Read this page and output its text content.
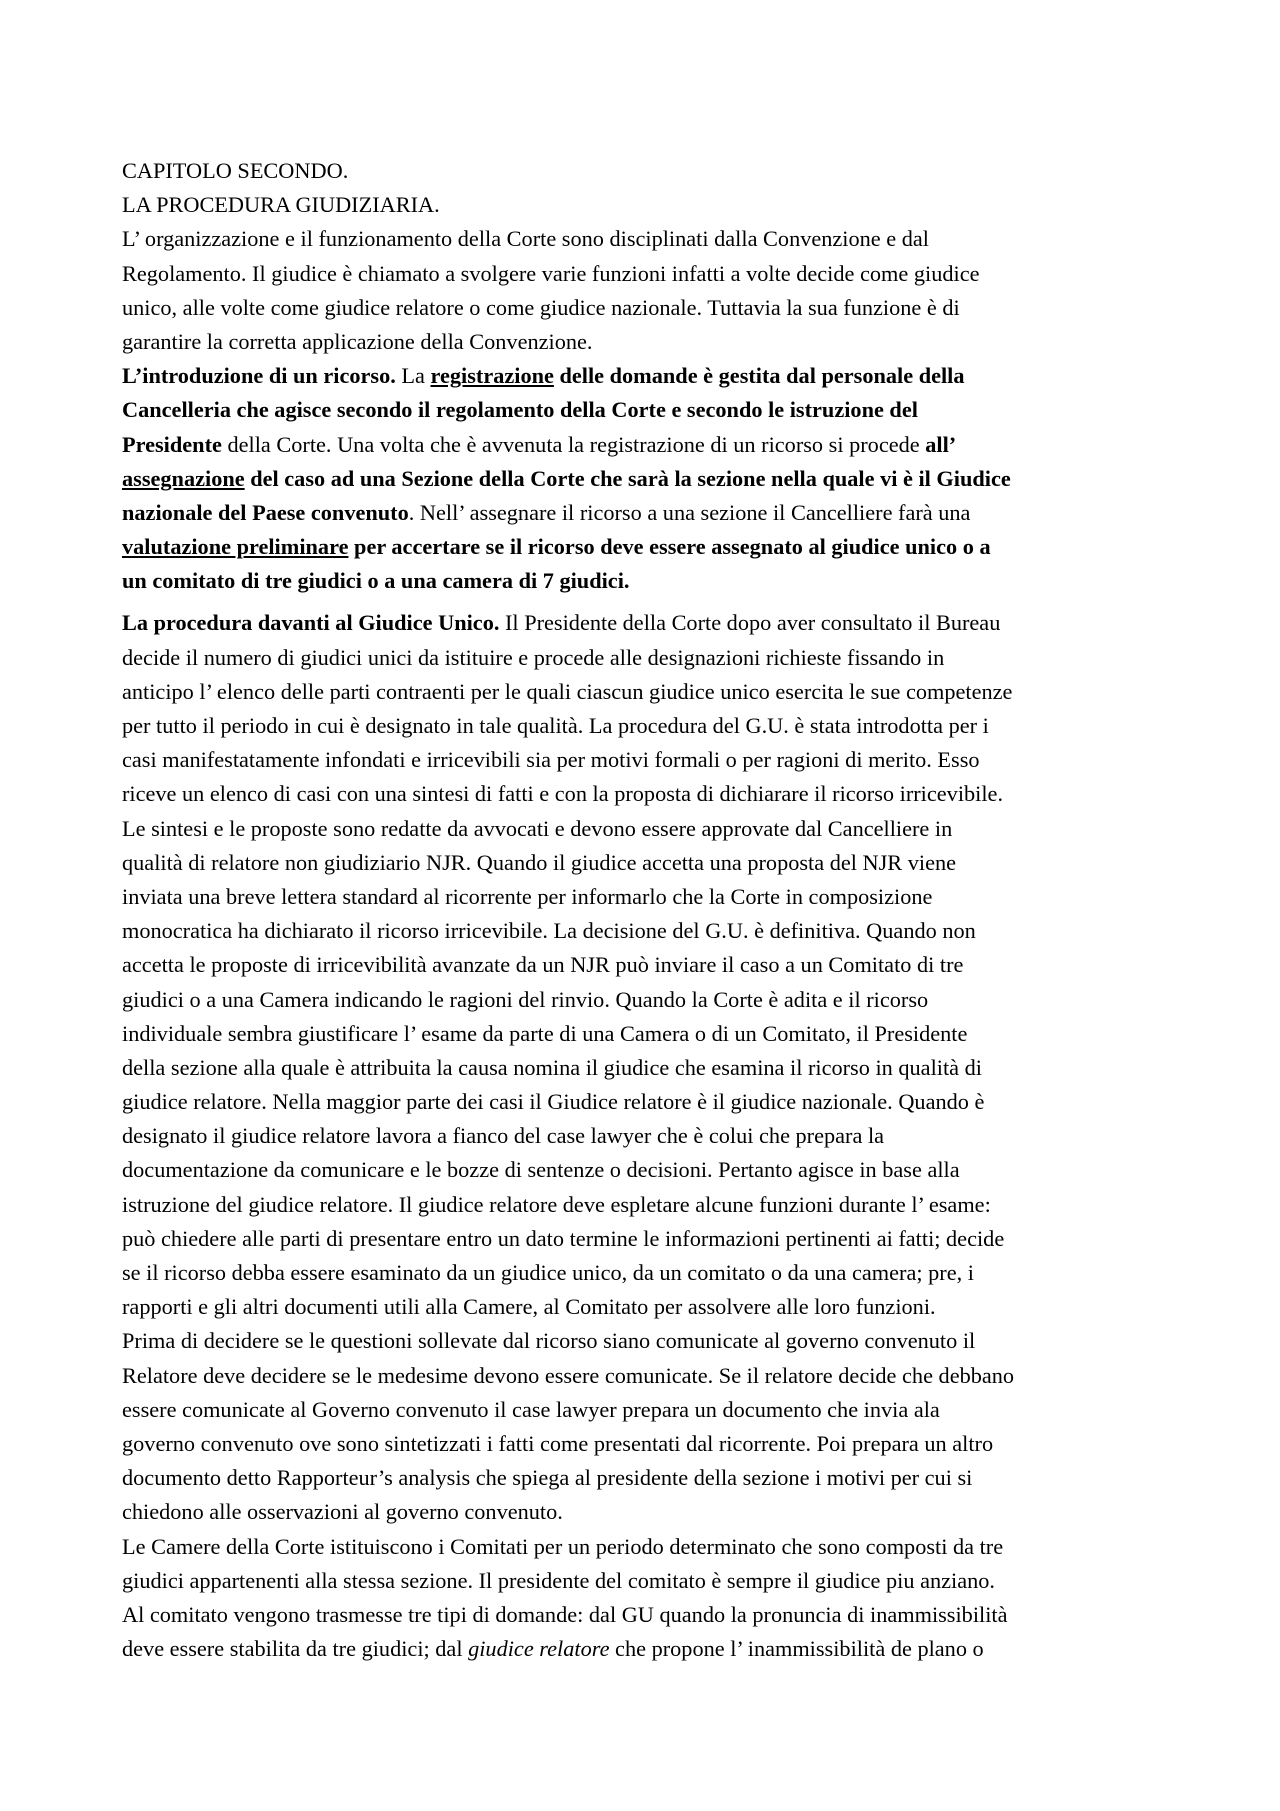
CAPITOLO SECONDO.
LA PROCEDURA GIUDIZIARIA.
L’ organizzazione e il funzionamento della Corte sono disciplinati dalla Convenzione e dal
Regolamento. Il giudice è chiamato a svolgere varie funzioni infatti a volte decide come giudice
unico, alle volte come giudice relatore o come giudice nazionale. Tuttavia la sua funzione è di
garantire la corretta applicazione della Convenzione.
L’introduzione di un ricorso. La registrazione delle domande è gestita dal personale della
Cancelleria che agisce secondo il regolamento della Corte e secondo le istruzione del
Presidente della Corte. Una volta che è avvenuta la registrazione di un ricorso si procede all’
assegnazione del caso ad una Sezione della Corte che sarà la sezione nella quale vi è il Giudice
nazionale del Paese convenuto. Nell’ assegnare il ricorso a una sezione il Cancelliere farà una
valutazione preliminare per accertare se il ricorso deve essere assegnato al giudice unico o a
un comitato di tre giudici o a una camera di 7 giudici.
La procedura davanti al Giudice Unico. Il Presidente della Corte dopo aver consultato il Bureau
decide il numero di giudici unici da istituire e procede alle designazioni richieste fissando in
anticipo l’ elenco delle parti contraenti per le quali ciascun giudice unico esercita le sue competenze
per tutto il periodo in cui è designato in tale qualità. La procedura del G.U. è stata introdotta per i
casi manifestatamente infondati e irricevibili sia per motivi formali o per ragioni di merito. Esso
riceve un elenco di casi con una sintesi di fatti e con la proposta di dichiarare il ricorso irricevibile.
Le sintesi e le proposte sono redatte da avvocati e devono essere approvate dal Cancelliere in
qualità di relatore non giudiziario NJR. Quando il giudice accetta una proposta del NJR viene
inviata una breve lettera standard al ricorrente per informarlo che la Corte in composizione
monocratica ha dichiarato il ricorso irricevibile. La decisione del G.U. è definitiva. Quando non
accetta le proposte di irricevibilità avanzate da un NJR può inviare il caso a un Comitato di tre
giudici o a una Camera indicando le ragioni del rinvio. Quando la Corte è adita e il ricorso
individuale sembra giustificare l’ esame da parte di una Camera o di un Comitato, il Presidente
della sezione alla quale è attribuita la causa nomina il giudice che esamina il ricorso in qualità di
giudice relatore. Nella maggior parte dei casi il Giudice relatore è il giudice nazionale. Quando è
designato il giudice relatore lavora a fianco del case lawyer che è colui che prepara la
documentazione da comunicare e le bozze di sentenze o decisioni. Pertanto agisce in base alla
istruzione del giudice relatore. Il giudice relatore deve espletare alcune funzioni durante l’ esame:
può chiedere alle parti di presentare entro un dato termine le informazioni pertinenti ai fatti; decide
se il ricorso debba essere esaminato da un giudice unico, da un comitato o da una camera; pre, i
rapporti e gli altri documenti utili alla Camere, al Comitato per assolvere alle loro funzioni.
Prima di decidere se le questioni sollevate dal ricorso siano comunicate al governo convenuto il
Relatore deve decidere se le medesime devono essere comunicate. Se il relatore decide che debbano
essere comunicate al Governo convenuto il case lawyer prepara un documento che invia ala
governo convenuto ove sono sintetizzati i fatti come presentati dal ricorrente. Poi prepara un altro
documento detto Rapporteur’s analysis che spiega al presidente della sezione i motivi per cui si
chiedono alle osservazioni al governo convenuto.
Le Camere della Corte istituiscono i Comitati per un periodo determinato che sono composti da tre
giudici appartenenti alla stessa sezione. Il presidente del comitato è sempre il giudice piu anziano.
Al comitato vengono trasmesse tre tipi di domande: dal GU quando la pronuncia di inammissibilità
deve essere stabilita da tre giudici; dal giudice relatore che propone l’ inammissibilità de plano o
